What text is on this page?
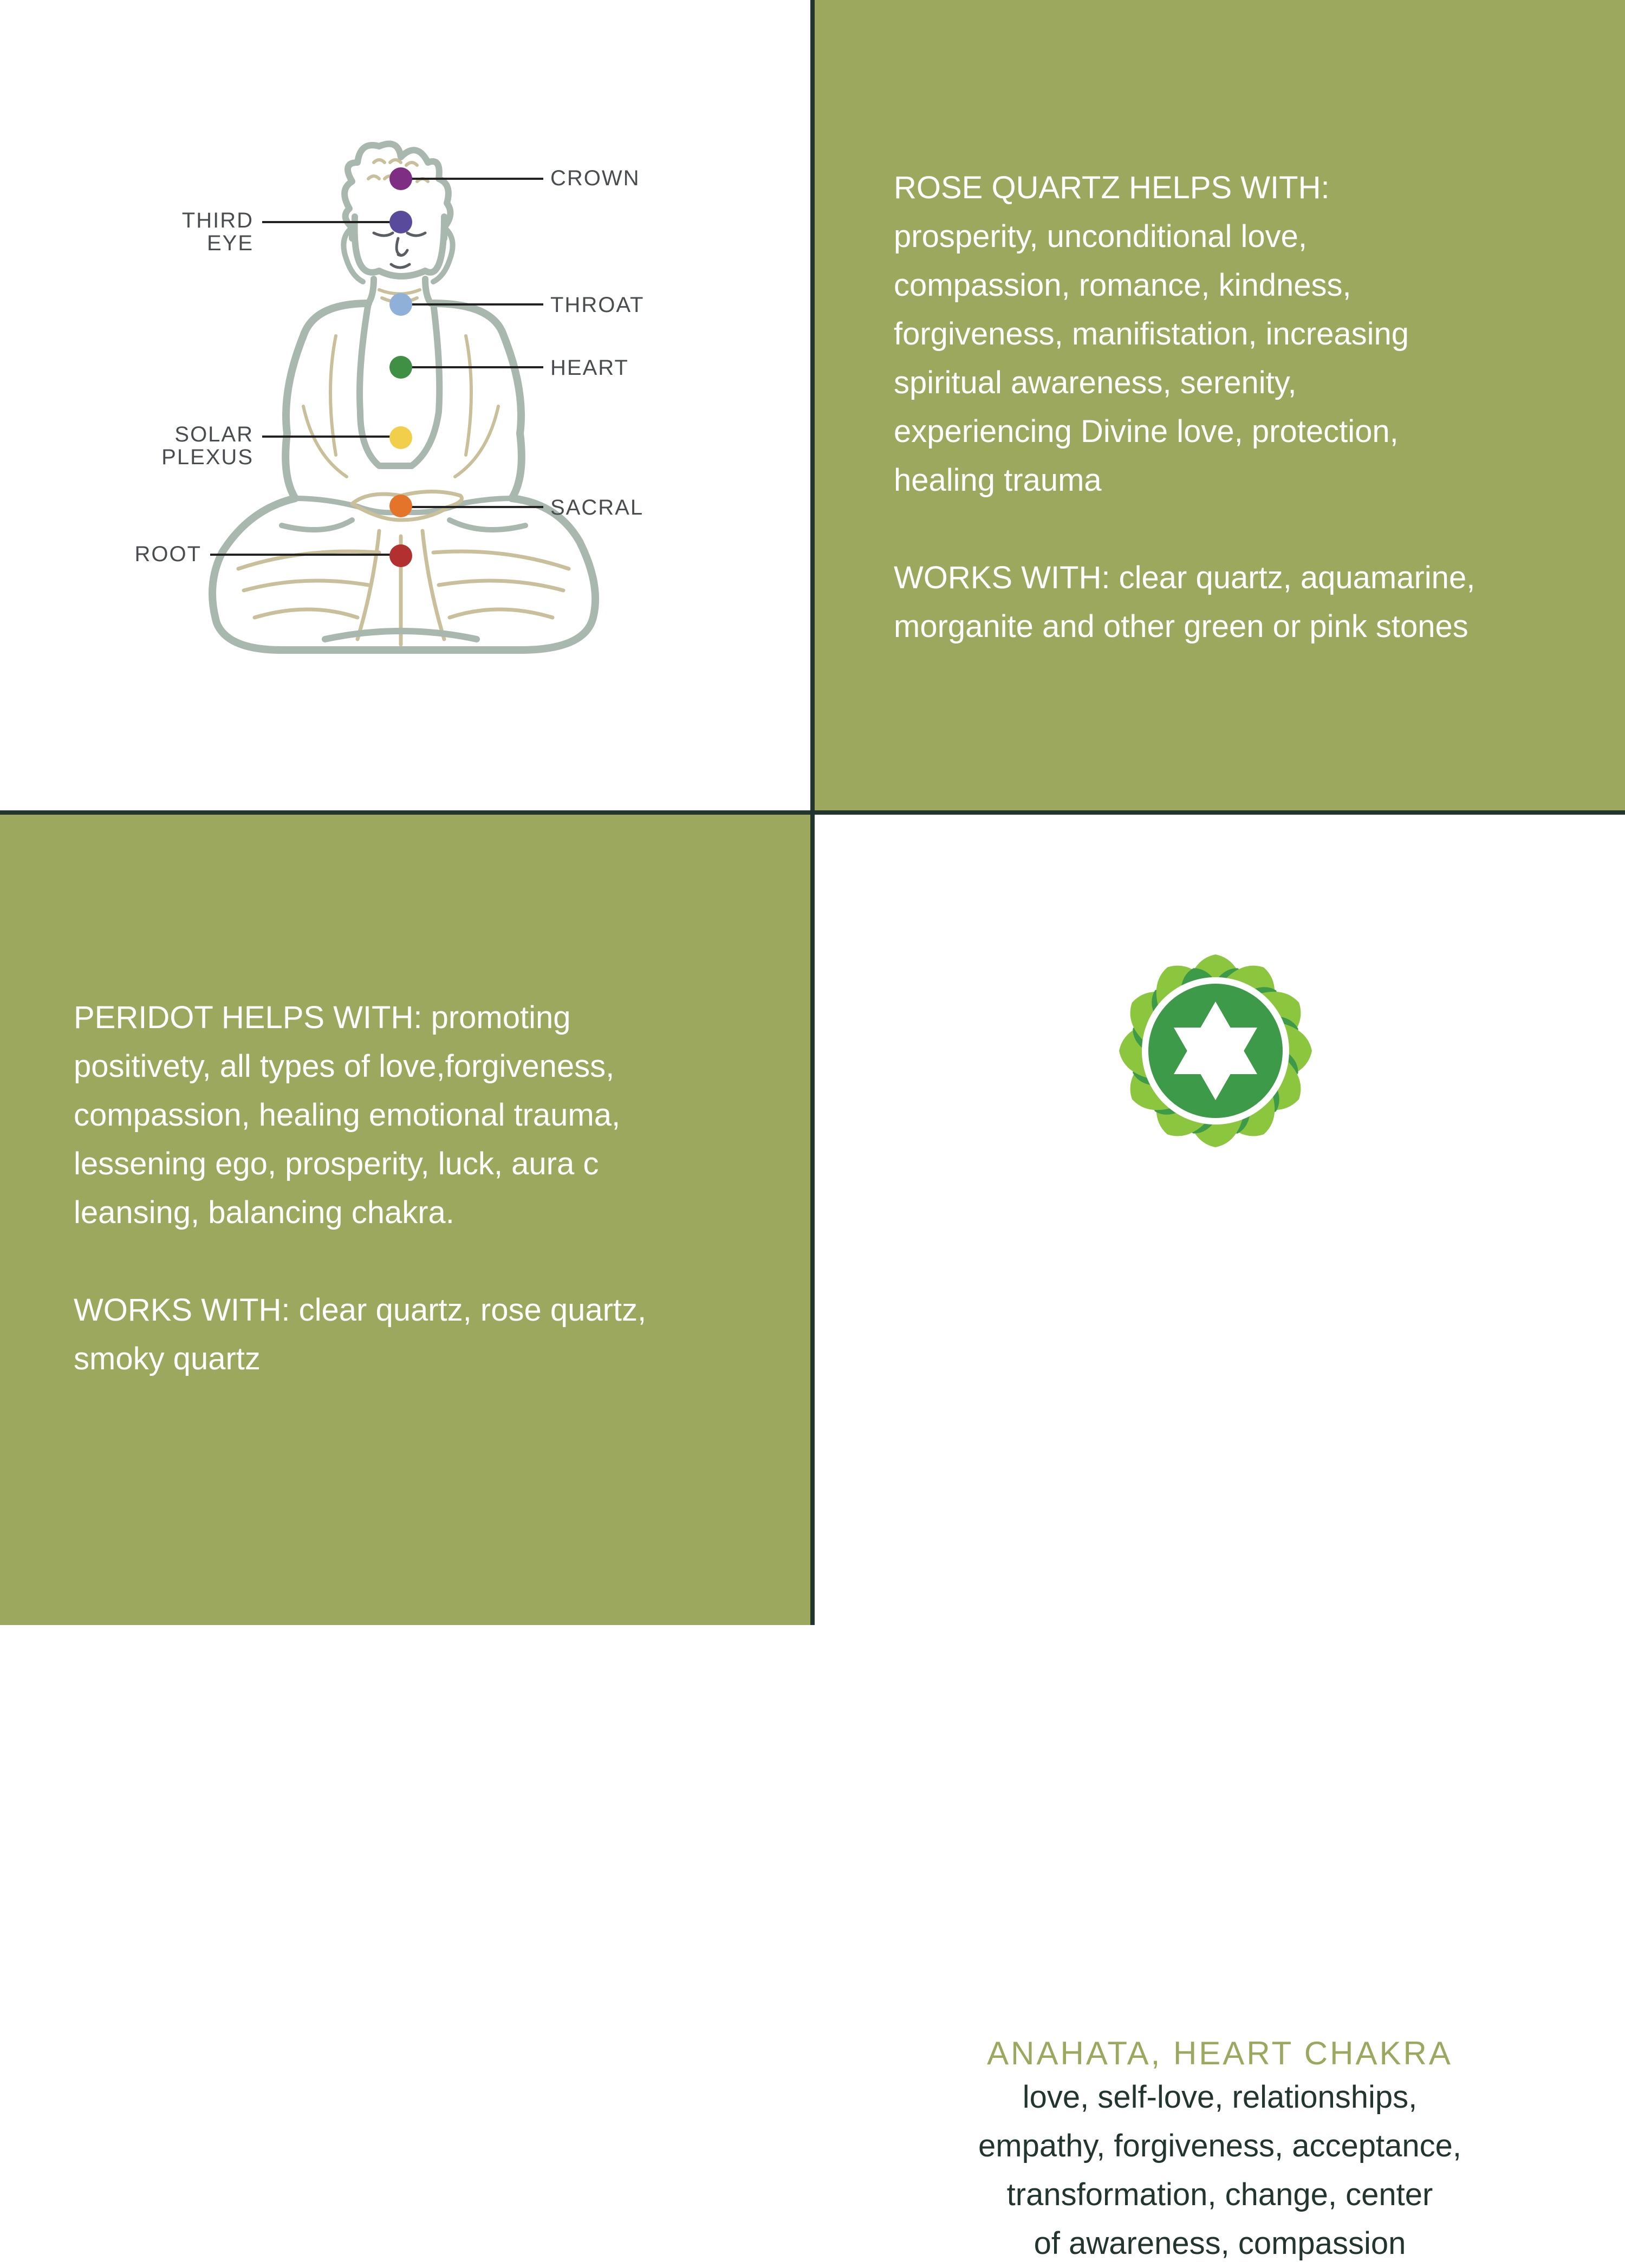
CROWN
THIRD
EYE
THROAT
HEART
SOLAR
PLEXUS
SACRAL
ROOT

ROSE QUARTZ HELPS WITH:

prosperity, unconditional love,

compassion, romance, kindness,

forgiveness, manifistation, increasing

spiritual awareness, serenity,

experiencing Divine love, protection,

healing trauma

WORKS WITH: clear quartz, aquamarine,

morganite and other green or pink stones

PERIDOT HELPS WITH: promoting

positivety, all types of love,forgiveness,

compassion, healing emotional trauma,

lessening ego, prosperity, luck, aura c

leansing, balancing chakra.

WORKS WITH: clear quartz, rose quartz,

smoky quartz

ANAHATA, HEART CHAKRA
love, self-love, relationships,
empathy, forgiveness, acceptance,
transformation, change, center
of awareness, compassion
